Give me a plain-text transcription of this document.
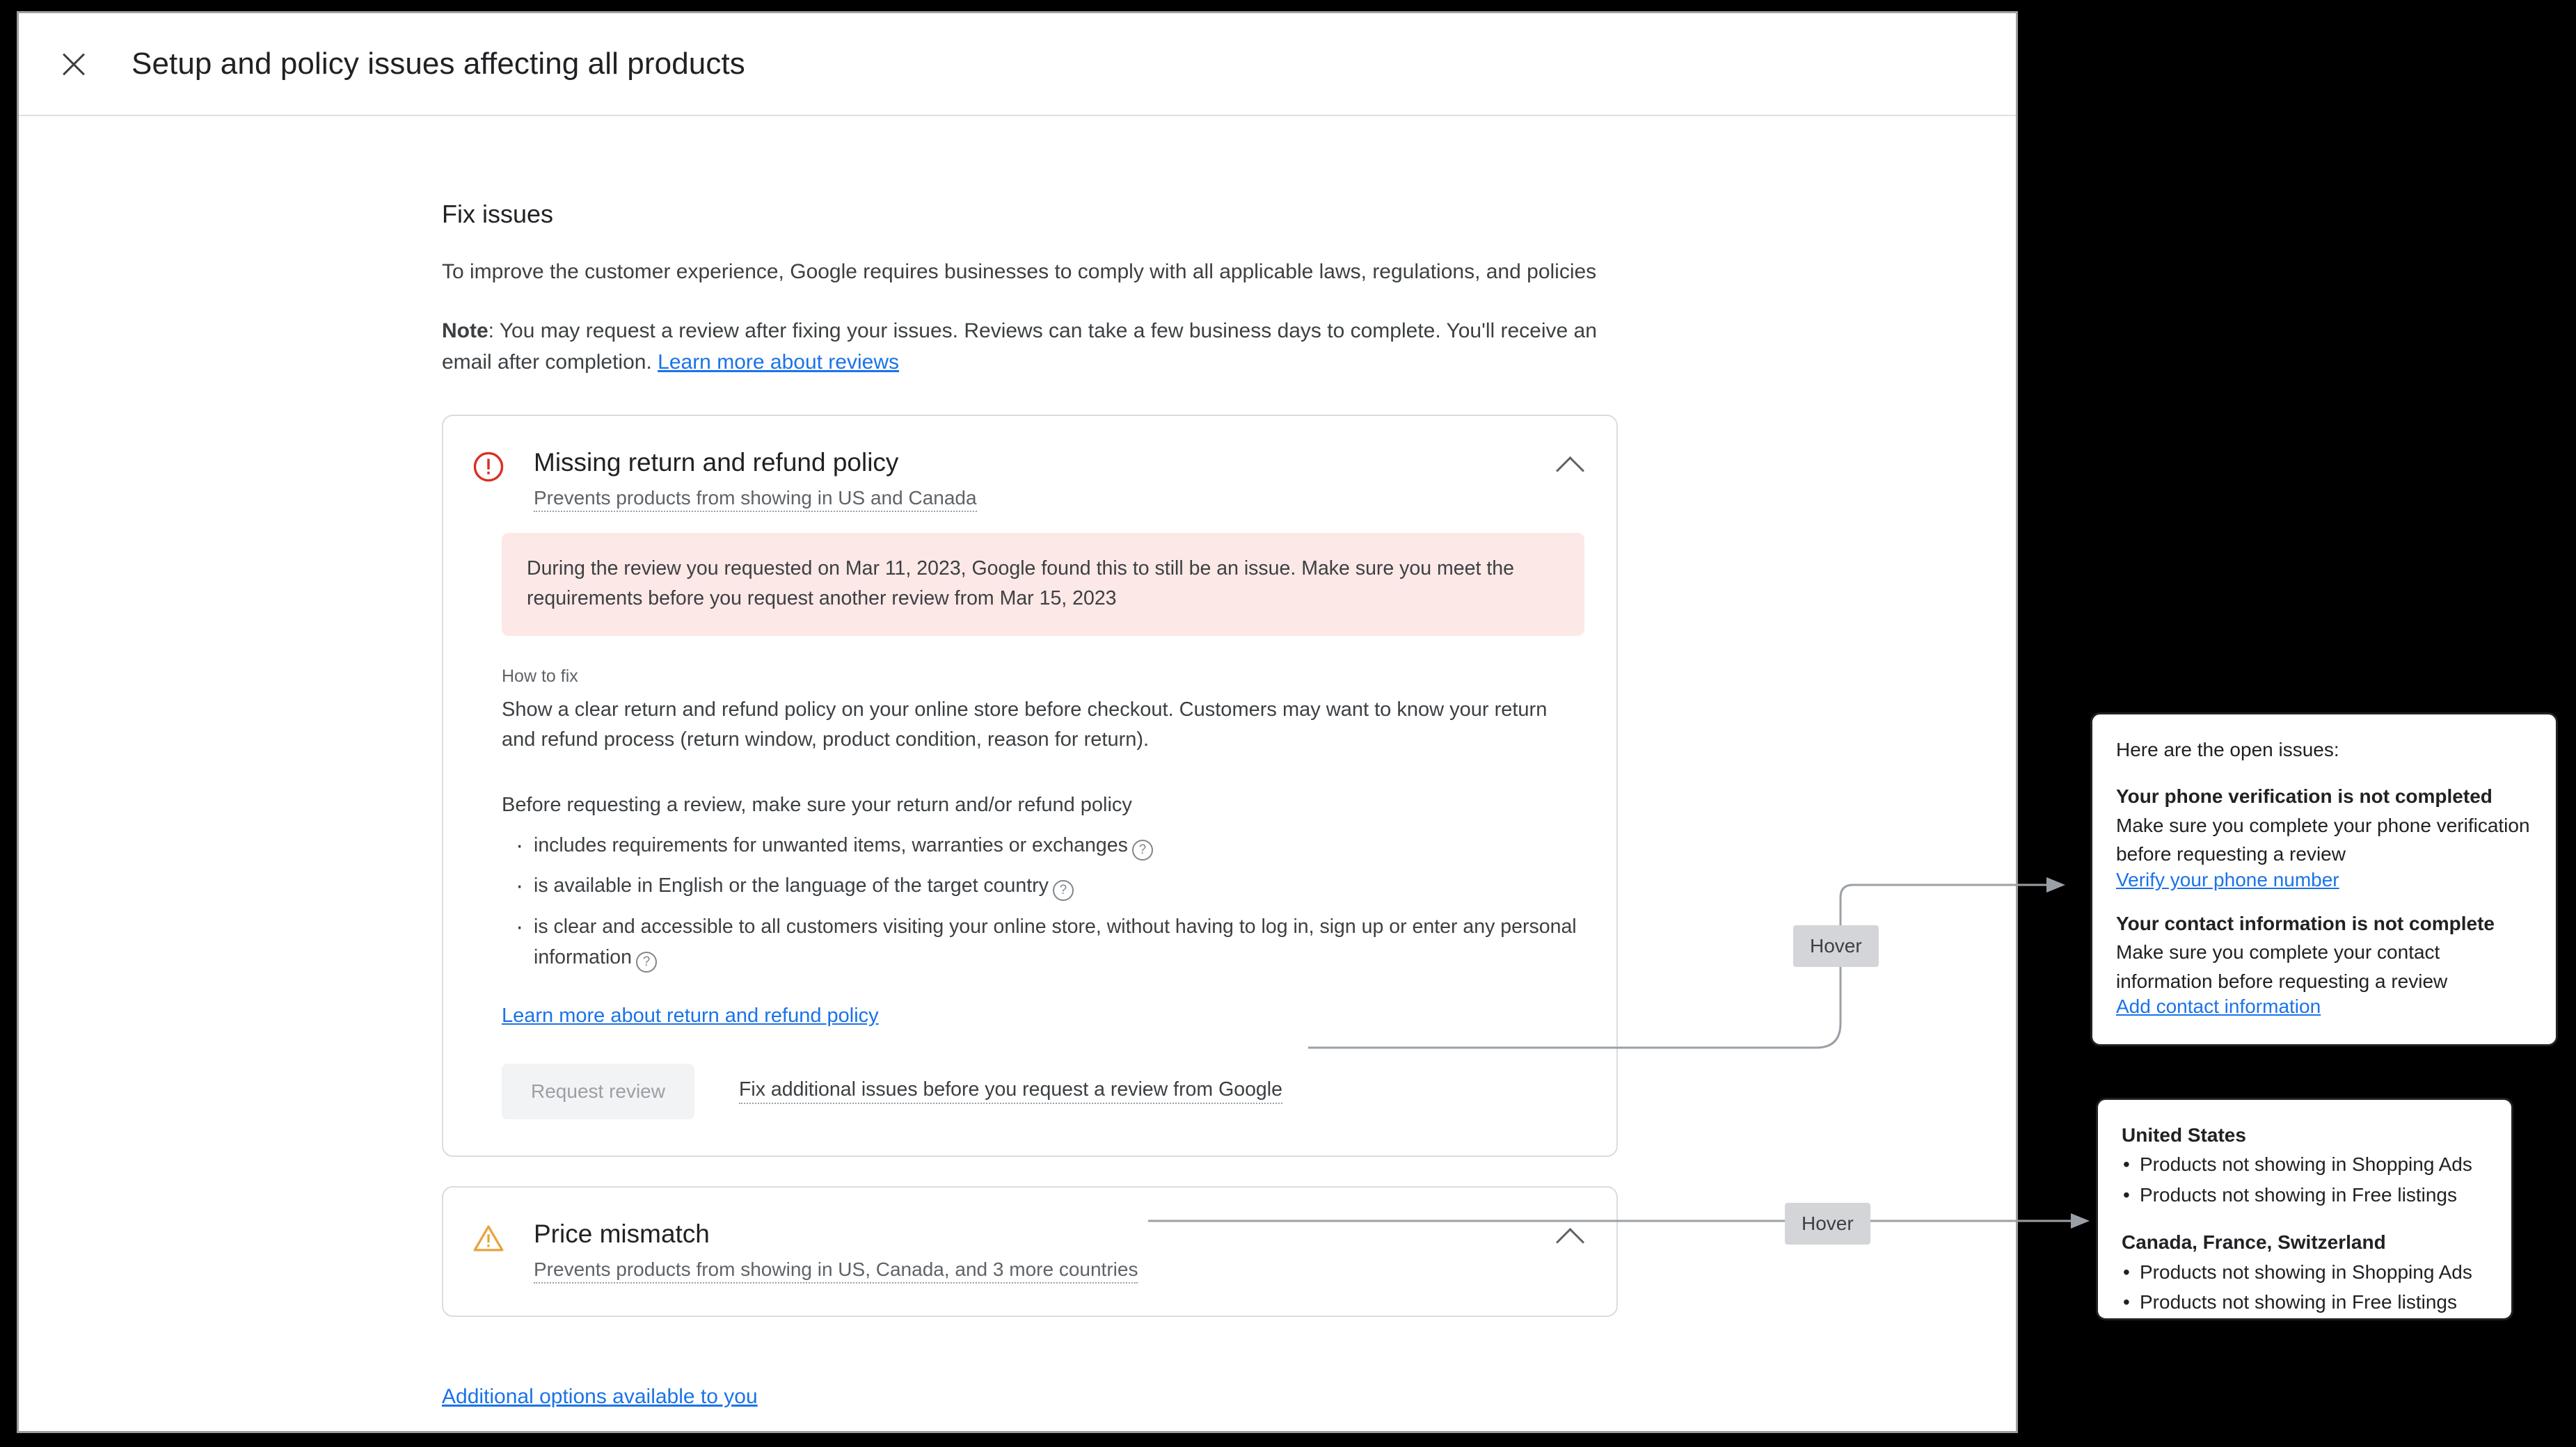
Setup and policy issues affecting all products
Fix issues

To improve the customer experience, Google requires businesses to comply with all applicable laws, regulations, and policies

Note: You may request a review after fixing your issues. Reviews can take a few business days to complete. You'll receive an email after completion. Learn more about reviews

Missing return and refund policy
Prevents products from showing in US and Canada
During the review you requested on Mar 11, 2023, Google found this to still be an issue. Make sure you meet the requirements before you request another review from Mar 15, 2023
How to fix
Show a clear return and refund policy on your online store before checkout. Customers may want to know your return and refund process (return window, product condition, reason for return).
Before requesting a review, make sure your return and/or refund policy
· includes requirements for unwanted items, warranties or exchanges ?
· is available in English or the language of the target country ?
· is clear and accessible to all customers visiting your online store, without having to log in, sign up or enter any personal information ?
Learn more about return and refund policy
Request review	Fix additional issues before you request a review from Google
Price mismatch
Prevents products from showing in US, Canada, and 3 more countries
Additional options available to you
Hover
Hover

Here are the open issues:

Your phone verification is not completed

Make sure you complete your phone verification before requesting a review

Verify your phone number

Your contact information is not complete

Make sure you complete your contact information before requesting a review

Add contact information

United States

• Products not showing in Shopping Ads
• Products not showing in Free listings

Canada, France, Switzerland

• Products not showing in Shopping Ads
• Products not showing in Free listings
